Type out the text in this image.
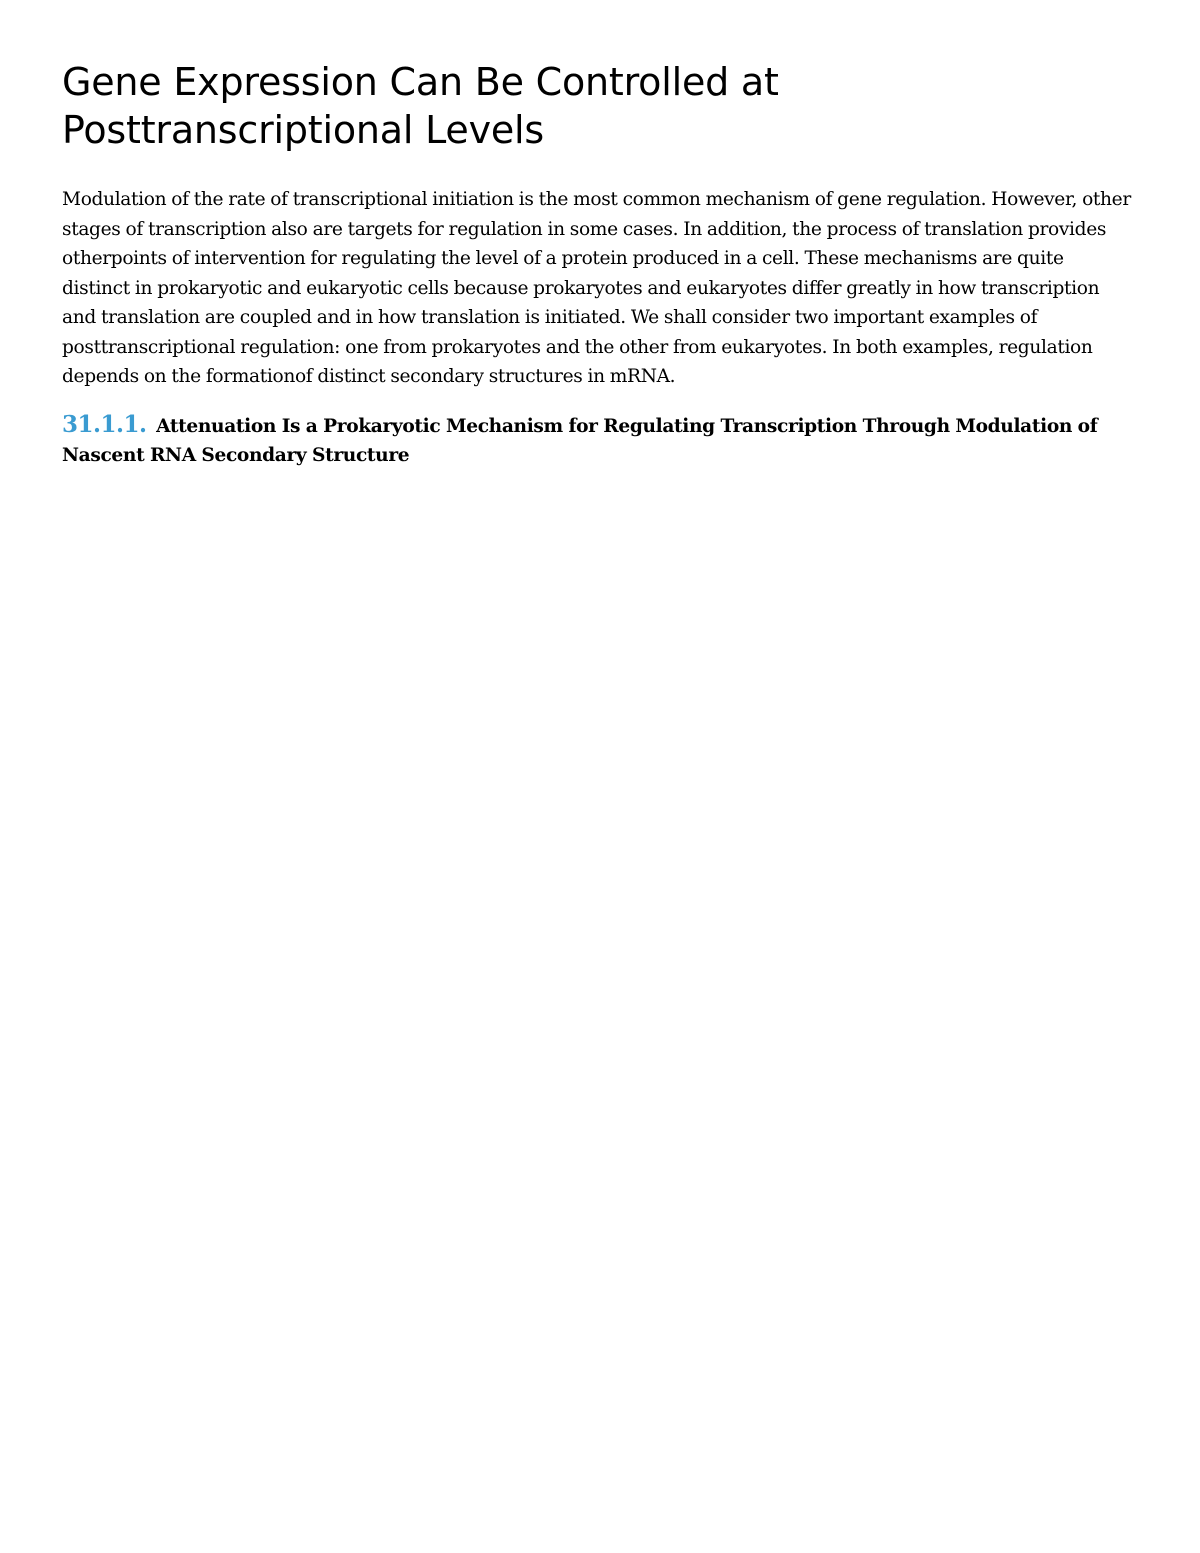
Gene Expression Can Be Controlled at Posttranscriptional Levels

Modulation of the rate of transcriptional initiation is the most common mechanism of gene regulation. However, other stages of transcription also are targets for regulation in some cases. In addition, the process of translation provides otherpoints of intervention for regulating the level of a protein produced in a cell. These mechanisms are quite distinct in prokaryotic and eukaryotic cells because prokaryotes and eukaryotes differ greatly in how transcription and translation are coupled and in how translation is initiated. We shall consider two important examples of posttranscriptional regulation: one from prokaryotes and the other from eukaryotes. In both examples, regulation depends on the formationof distinct secondary structures in mRNA.

31.1.1. Attenuation Is a Prokaryotic Mechanism for Regulating Transcription Through Modulation of Nascent RNA Secondary Structure
